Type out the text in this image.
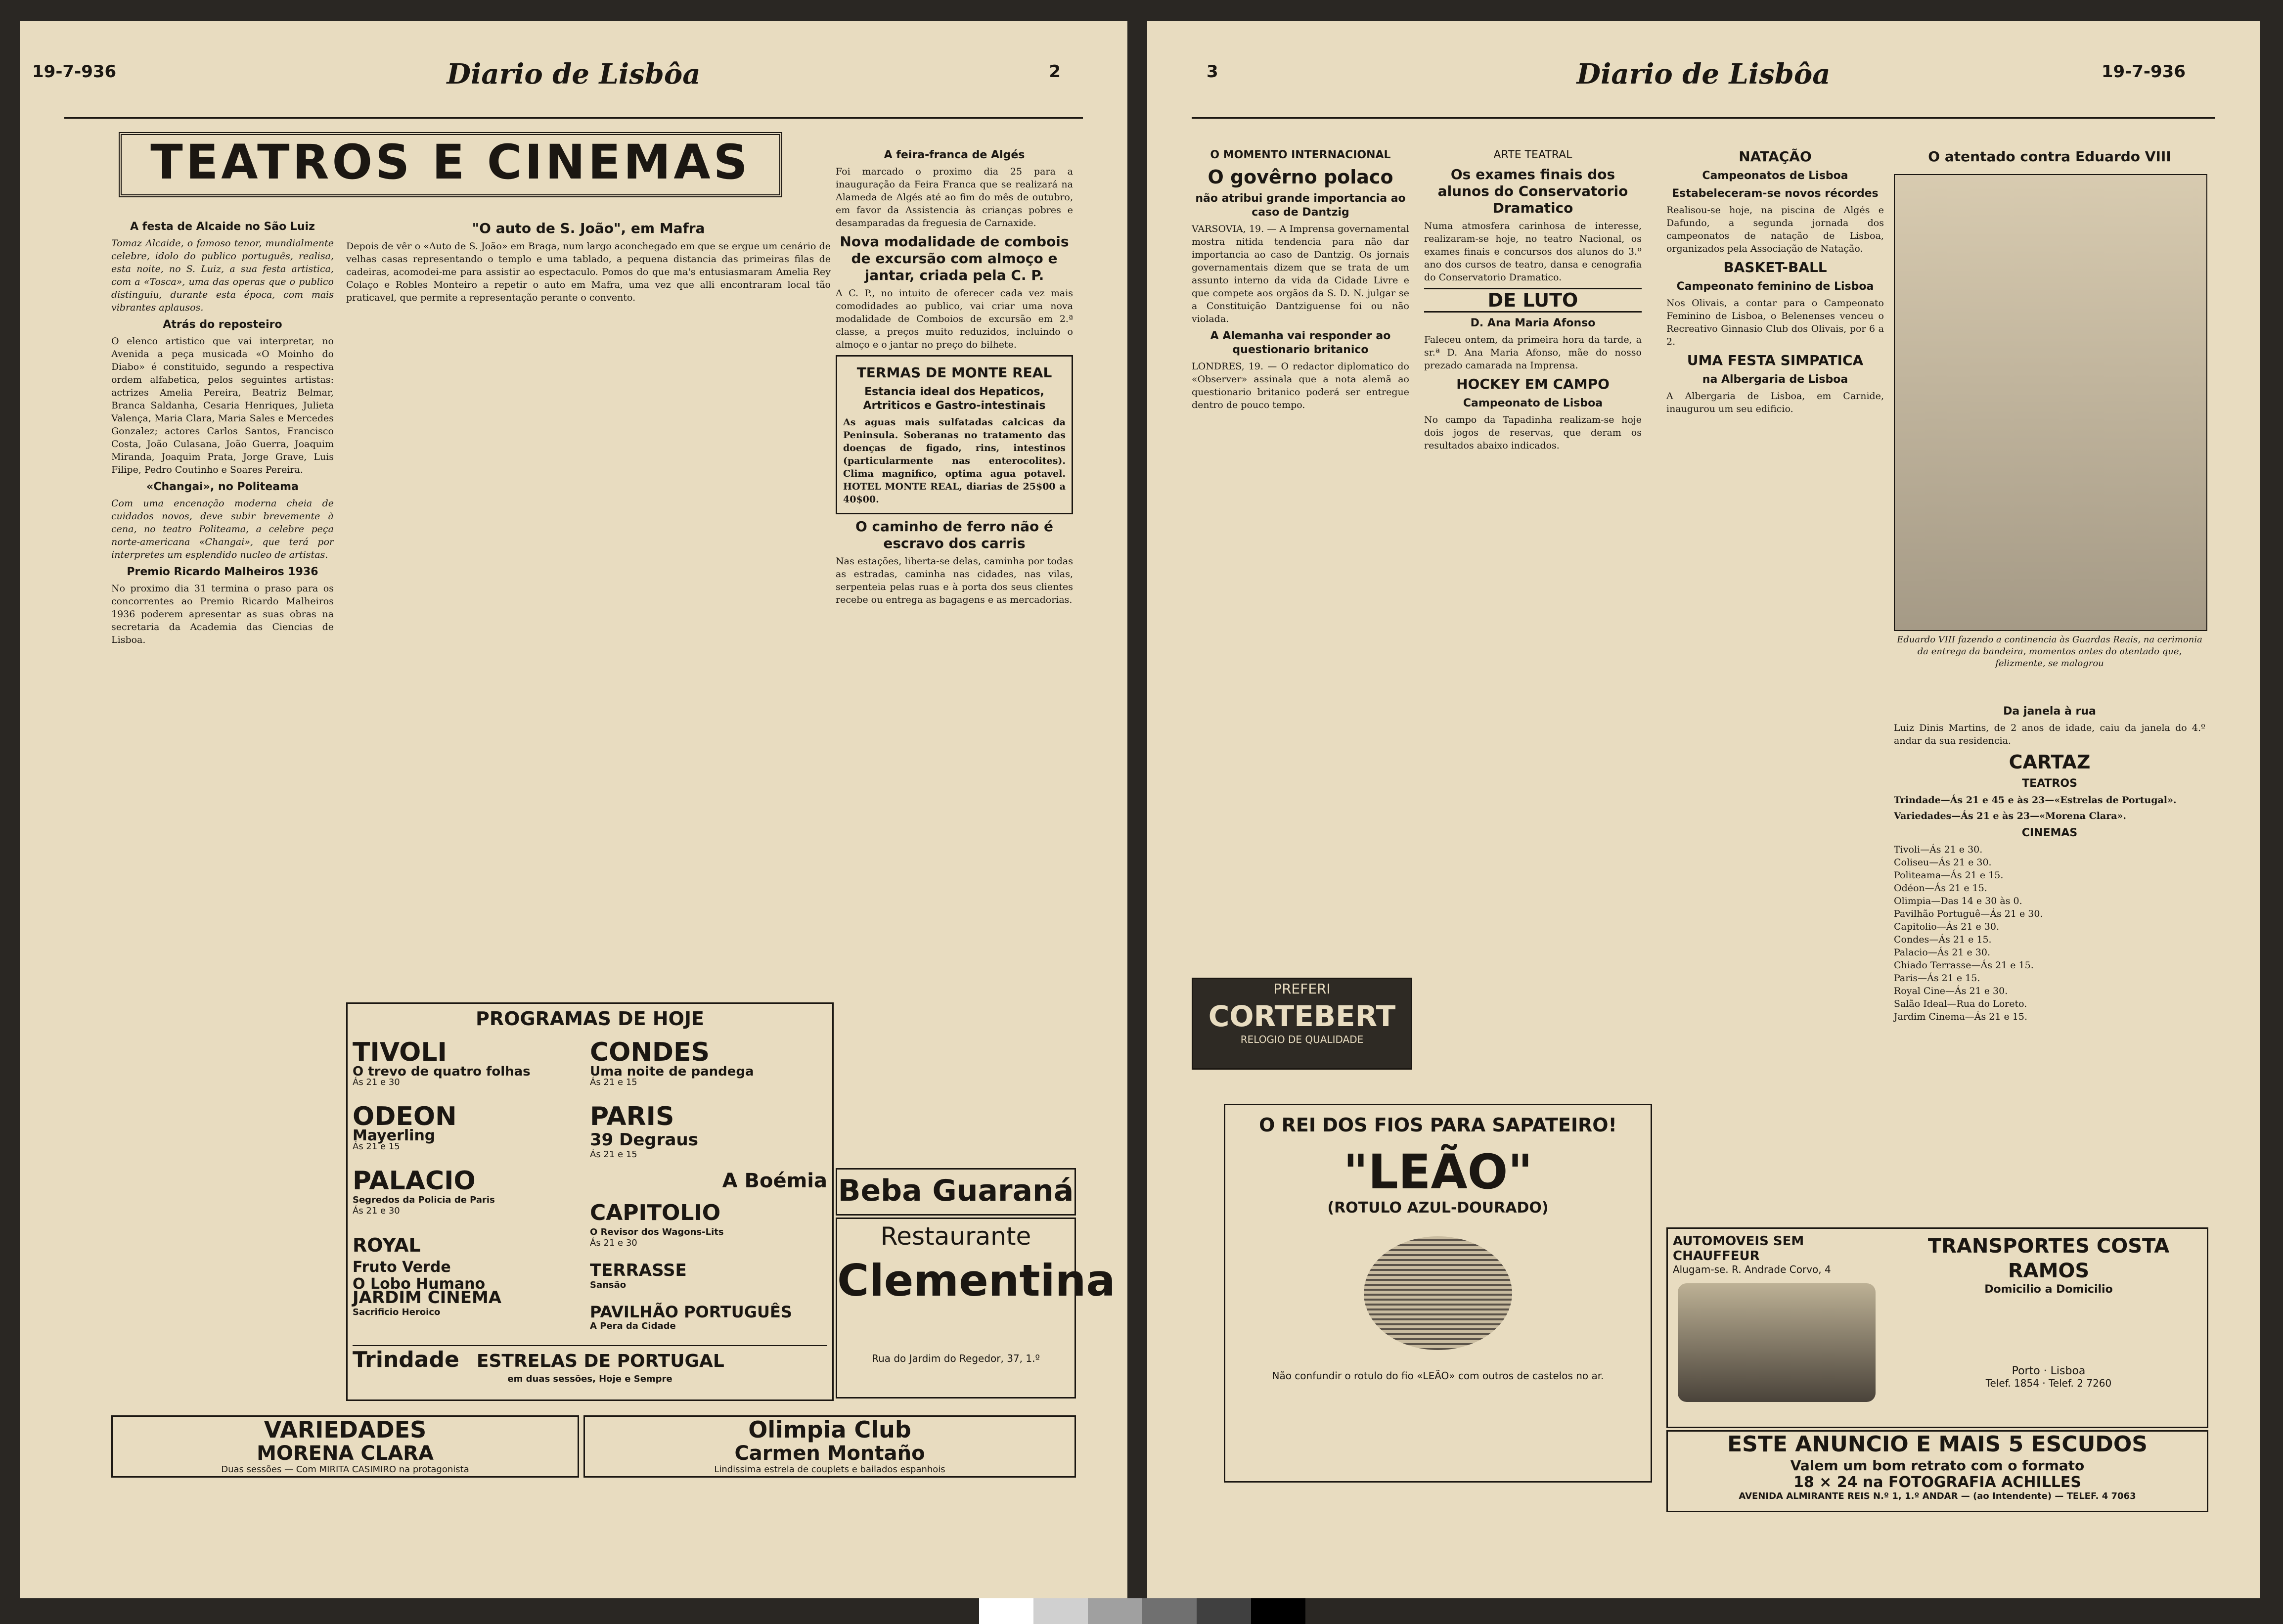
19-7-936	Diario de Lisbôa	2
TEATROS E CINEMAS
A festa de Alcaide no São Luiz

Tomaz Alcaide, o famoso tenor, mundialmente celebre, idolo do publico português, realisa, esta noite, no S. Luiz, a sua festa artistica, com a «Tosca», uma das operas que o publico distinguiu, durante esta época, com mais vibrantes aplausos.

Atrás do reposteiro

O elenco artistico que vai interpretar, no Avenida a peça musicada «O Moinho do Diabo» é constituido, segundo a respectiva ordem alfabetica, pelos seguintes artistas: actrizes Amelia Pereira, Beatriz Belmar, Branca Saldanha, Cesaria Henriques, Julieta Valença, Maria Clara, Maria Sales e Mercedes Gonzalez; actores Carlos Santos, Francisco Costa, João Culasana, João Guerra, Joaquim Miranda, Joaquim Prata, Jorge Grave, Luis Filipe, Pedro Coutinho e Soares Pereira.

«Changai», no Politeama

Com uma encenação moderna cheia de cuidados novos, deve subir brevemente à cena, no teatro Politeama, a celebre peça norte-americana «Changai», que terá por interpretes um esplendido nucleo de artistas.

Premio Ricardo Malheiros 1936

No proximo dia 31 termina o praso para os concorrentes ao Premio Ricardo Malheiros 1936 poderem apresentar as suas obras na secretaria da Academia das Ciencias de Lisboa.

"O auto de S. João", em Mafra

Depois de vêr o «Auto de S. João» em Braga, num largo aconchegado em que se ergue um cenário de velhas casas representando o templo e uma tablado, a pequena distancia das primeiras filas de cadeiras, acomodei-me para assistir ao espectaculo. Pomos do que ma's entusiasmaram Amelia Rey Colaço e Robles Monteiro a repetir o auto em Mafra, uma vez que alli encontraram local tão praticavel, que permite a representação perante o convento.

A feira-franca de Algés

Foi marcado o proximo dia 25 para a inauguração da Feira Franca que se realizará na Alameda de Algés até ao fim do mês de outubro, em favor da Assistencia às crianças pobres e desamparadas da freguesia de Carnaxide.

Nova modalidade de combois de excursão com almoço e jantar, criada pela C. P.

A C. P., no intuito de oferecer cada vez mais comodidades ao publico, vai criar uma nova modalidade de Comboios de excursão em 2.ª classe, a preços muito reduzidos, incluindo o almoço e o jantar no preço do bilhete.

TERMAS DE MONTE REAL
Estancia ideal dos Hepaticos, Artriticos e Gastro-intestinais

As aguas mais sulfatadas calcicas da Peninsula. Soberanas no tratamento das doenças de figado, rins, intestinos (particularmente nas enterocolites). Clima magnifico, optima agua potavel. HOTEL MONTE REAL, diarias de 25$00 a 40$00.

O caminho de ferro não é escravo dos carris

Nas estações, liberta-se delas, caminha por todas as estradas, caminha nas cidades, nas vilas, serpenteia pelas ruas e à porta dos seus clientes recebe ou entrega as bagagens e as mercadorias.

PROGRAMAS DE HOJE
TIVOLI
O trevo de quatro folhas
Ás 21 e 30
CONDES
Uma noite de pandega
Ás 21 e 15
ODEON
Mayerling
Ás 21 e 15
PARIS
39 Degraus
Ás 21 e 15
PALACIO
Segredos da Policia de Paris
Ás 21 e 30
A Boémia
CAPITOLIO
O Revisor dos Wagons-Lits
Ás 21 e 30
ROYAL
Fruto Verde
O Lobo Humano
TERRASSE
Sansão
JARDIM CINEMA
Sacrificio Heroico	PAVILHÃO PORTUGUÊS
A Pera da Cidade
Trindade ESTRELAS DE PORTUGAL
em duas sessões, Hoje e Sempre
Beba Guaraná
Restaurante
Clementina
Rua do Jardim do Regedor, 37, 1.º
VARIEDADES
MORENA CLARA
Duas sessões — Com MIRITA CASIMIRO na protagonista
Olimpia Club
Carmen Montaño
Lindissima estrela de couplets e bailados espanhois
3	Diario de Lisbôa	19-7-936
O MOMENTO INTERNACIONAL
O govêrno polaco
não atribui grande importancia ao caso de Dantzig

VARSOVIA, 19. — A Imprensa governamental mostra nitida tendencia para não dar importancia ao caso de Dantzig. Os jornais governamentais dizem que se trata de um assunto interno da vida da Cidade Livre e que compete aos orgãos da S. D. N. julgar se a Constituição Dantziguense foi ou não violada.

A Alemanha vai responder ao questionario britanico

LONDRES, 19. — O redactor diplomatico do «Observer» assinala que a nota alemã ao questionario britanico poderá ser entregue dentro de pouco tempo.

ARTE TEATRAL
Os exames finais dos alunos do Conservatorio Dramatico

Numa atmosfera carinhosa de interesse, realizaram-se hoje, no teatro Nacional, os exames finais e concursos dos alunos do 3.º ano dos cursos de teatro, dansa e cenografia do Conservatorio Dramatico.

DE LUTO
D. Ana Maria Afonso

Faleceu ontem, da primeira hora da tarde, a sr.ª D. Ana Maria Afonso, mãe do nosso prezado camarada na Imprensa.

HOCKEY EM CAMPO
Campeonato de Lisboa

No campo da Tapadinha realizam-se hoje dois jogos de reservas, que deram os resultados abaixo indicados.

PREFERI
CORTEBERT
RELOGIO DE QUALIDADE
O REI DOS FIOS PARA SAPATEIRO!
"LEÃO"
(ROTULO AZUL-DOURADO)
Não confundir o rotulo do fio «LEÃO» com outros de castelos no ar.
NATAÇÃO
Campeonatos de Lisboa
Estabeleceram-se novos récordes

Realisou-se hoje, na piscina de Algés e Dafundo, a segunda jornada dos campeonatos de natação de Lisboa, organizados pela Associação de Natação.

BASKET-BALL
Campeonato feminino de Lisboa

Nos Olivais, a contar para o Campeonato Feminino de Lisboa, o Belenenses venceu o Recreativo Ginnasio Club dos Olivais, por 6 a 2.

UMA FESTA SIMPATICA
na Albergaria de Lisboa

A Albergaria de Lisboa, em Carnide, inaugurou um seu edificio.

O atentado contra Eduardo VIII
Eduardo VIII fazendo a continencia às Guardas Reais, na cerimonia da entrega da bandeira, momentos antes do atentado que, felizmente, se malogrou
Da janela à rua

Luiz Dinis Martins, de 2 anos de idade, caiu da janela do 4.º andar da sua residencia.

CARTAZ
TEATROS

Trindade—Ás 21 e 45 e às 23—«Estrelas de Portugal».

Variedades—Ás 21 e às 23—«Morena Clara».

CINEMAS

Tivoli—Ás 21 e 30.

Coliseu—Ás 21 e 30.

Politeama—Ás 21 e 15.

Odéon—Ás 21 e 15.

Olimpia—Das 14 e 30 às 0.

Pavilhão Portuguê—Ás 21 e 30.

Capitolio—Ás 21 e 30.

Condes—Ás 21 e 15.

Palacio—Ás 21 e 30.

Chiado Terrasse—Ás 21 e 15.

Paris—Ás 21 e 15.

Royal Cine—Ás 21 e 30.

Salão Ideal—Rua do Loreto.

Jardim Cinema—Ás 21 e 15.

AUTOMOVEIS SEM CHAUFFEUR
Alugam-se. R. Andrade Corvo, 4
TRANSPORTES COSTA RAMOS
Domicilio a Domicilio
Porto · Lisboa
Telef. 1854 · Telef. 2 7260
ESTE ANUNCIO E MAIS 5 ESCUDOS
Valem um bom retrato com o formato
18 × 24 na FOTOGRAFIA ACHILLES
AVENIDA ALMIRANTE REIS N.º 1, 1.º ANDAR — (ao Intendente) — TELEF. 4 7063
